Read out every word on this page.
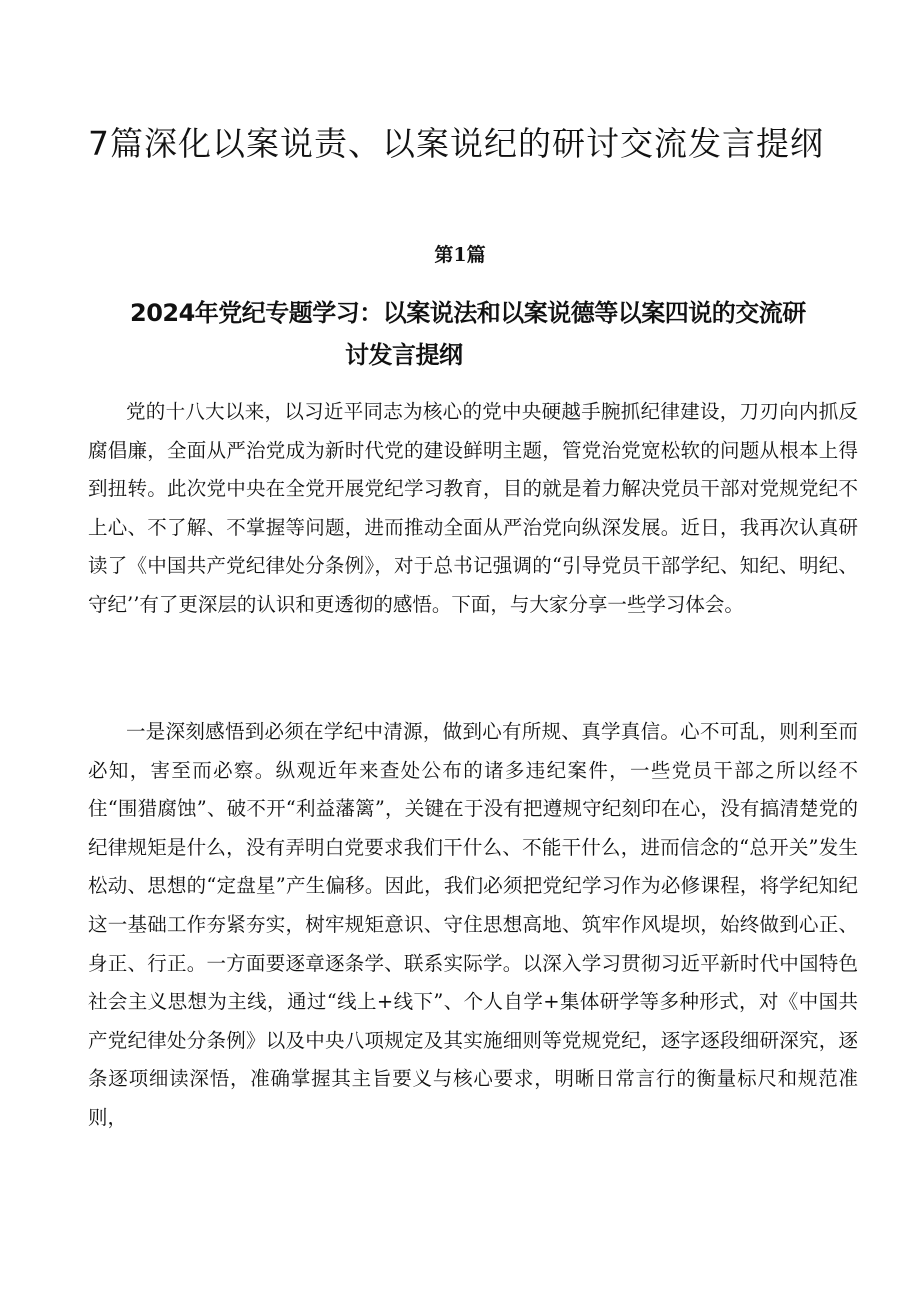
7篇深化以案说责、以案说纪的研讨交流发言提纲
第1篇
2024年党纪专题学习：以案说法和以案说德等以案四说的交流研
讨发言提纲

党的十八大以来，以习近平同志为核心的党中央硬越手腕抓纪律建设，刀刃向内抓反腐倡廉，全面从严治党成为新时代党的建设鲜明主题，管党治党宽松软的问题从根本上得到扭转。此次党中央在全党开展党纪学习教育，目的就是着力解决党员干部对党规党纪不上心、不了解、不掌握等问题，进而推动全面从严治党向纵深发展。近日，我再次认真研读了《中国共产党纪律处分条例》，对于总书记强调的“引导党员干部学纪、知纪、明纪、守纪’’有了更深层的认识和更透彻的感悟。下面，与大家分享一些学习体会。

一是深刻感悟到必须在学纪中清源，做到心有所规、真学真信。心不可乱，则利至而必知，害至而必察。纵观近年来查处公布的诸多违纪案件，一些党员干部之所以经不住“围猎腐蚀”、破不开“利益藩篱”，关键在于没有把遵规守纪刻印在心，没有搞清楚党的纪律规矩是什么，没有弄明白党要求我们干什么、不能干什么，进而信念的“总开关”发生松动、思想的“定盘星”产生偏移。因此，我们必须把党纪学习作为必修课程，将学纪知纪这一基础工作夯紧夯实，树牢规矩意识、守住思想高地、筑牢作风堤坝，始终做到心正、身正、行正。一方面要逐章逐条学、联系实际学。以深入学习贯彻习近平新时代中国特色社会主义思想为主线，通过“线上+线下”、个人自学+集体研学等多种形式，对《中国共产党纪律处分条例》以及中央八项规定及其实施细则等党规党纪，逐字逐段细研深究，逐条逐项细读深悟，准确掌握其主旨要义与核心要求，明晰日常言行的衡量标尺和规范准则，
